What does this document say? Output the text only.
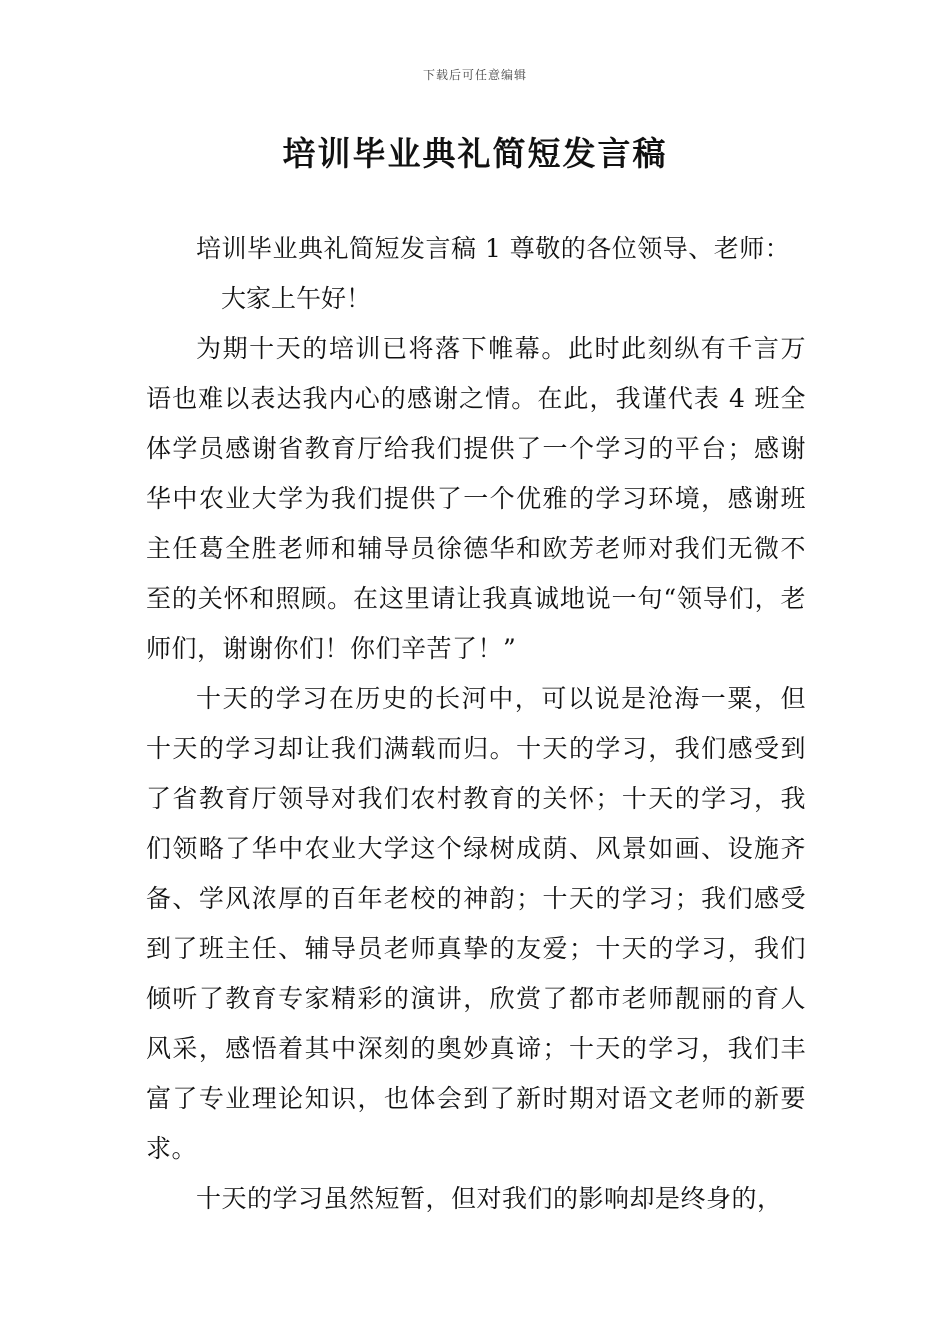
下载后可任意编辑
培训毕业典礼简短发言稿

培训毕业典礼简短发言稿 1 尊敬的各位领导、老师：

大家上午好！

为期十天的培训已将落下帷幕。此时此刻纵有千言万语也难以表达我内心的感谢之情。在此，我谨代表 4 班全体学员感谢省教育厅给我们提供了一个学习的平台；感谢华中农业大学为我们提供了一个优雅的学习环境，感谢班主任葛全胜老师和辅导员徐德华和欧芳老师对我们无微不至的关怀和照顾。在这里请让我真诚地说一句“领导们，老师们，谢谢你们！你们辛苦了！”

十天的学习在历史的长河中，可以说是沧海一粟，但十天的学习却让我们满载而归。十天的学习，我们感受到了省教育厅领导对我们农村教育的关怀；十天的学习，我们领略了华中农业大学这个绿树成荫、风景如画、设施齐备、学风浓厚的百年老校的神韵；十天的学习；我们感受到了班主任、辅导员老师真挚的友爱；十天的学习，我们倾听了教育专家精彩的演讲，欣赏了都市老师靓丽的育人风采，感悟着其中深刻的奥妙真谛；十天的学习，我们丰富了专业理论知识，也体会到了新时期对语文老师的新要求。

十天的学习虽然短暂，但对我们的影响却是终身的，
